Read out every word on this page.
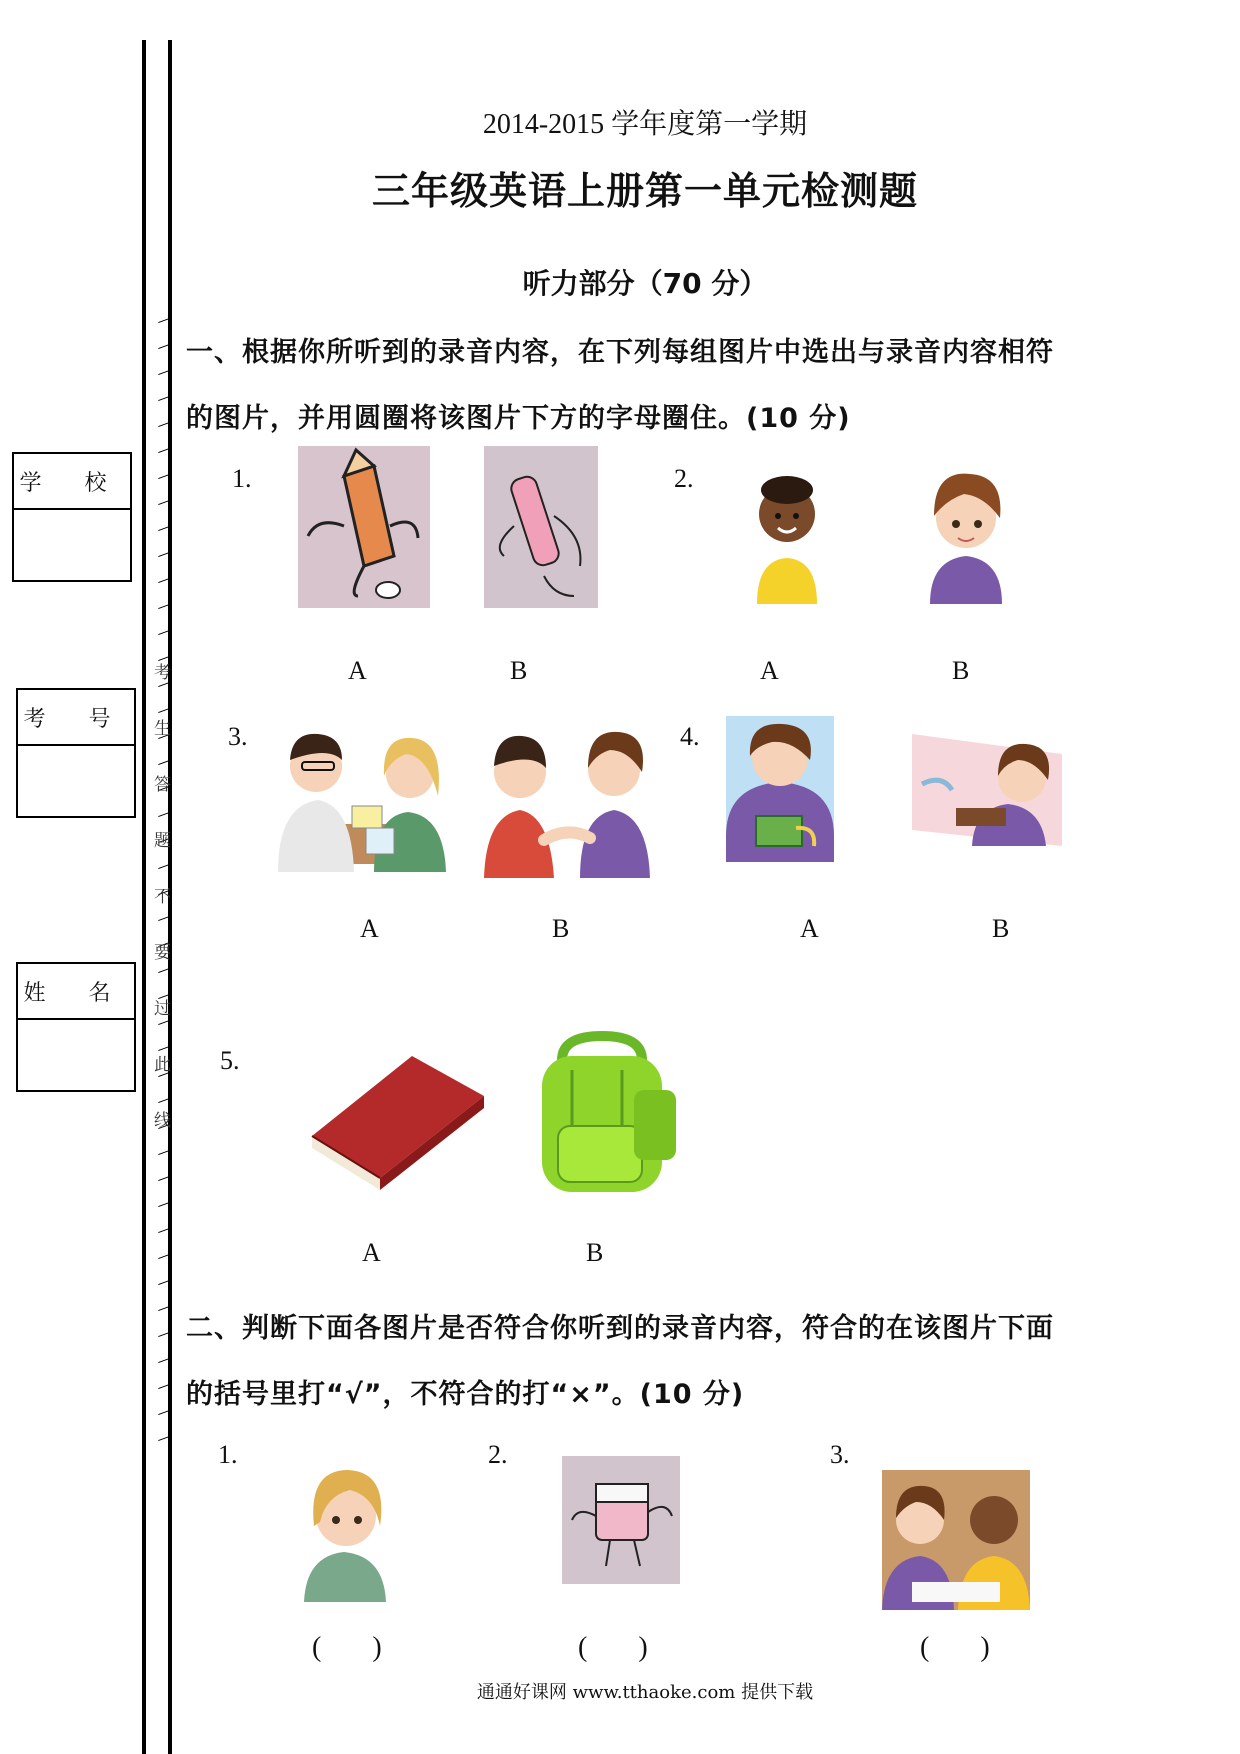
考
生
答
题
不
要
过
此
线
学 校
考 号
姓 名
2014-2015 学年度第一学期
三年级英语上册第一单元检测题
听力部分（70 分）
一、根据你所听到的录音内容，在下列每组图片中选出与录音内容相符
的图片，并用圆圈将该图片下方的字母圈住。(10 分)
1.
A	B
2.
A	B
3.
A	B
4.
A	B
5.
A	B
二、判断下面各图片是否符合你听到的录音内容，符合的在该图片下面
的括号里打“√”，不符合的打“×”。(10 分)
1.
( )
2.
( )
3.
( )
通通好课网 www.tthaoke.com 提供下载
